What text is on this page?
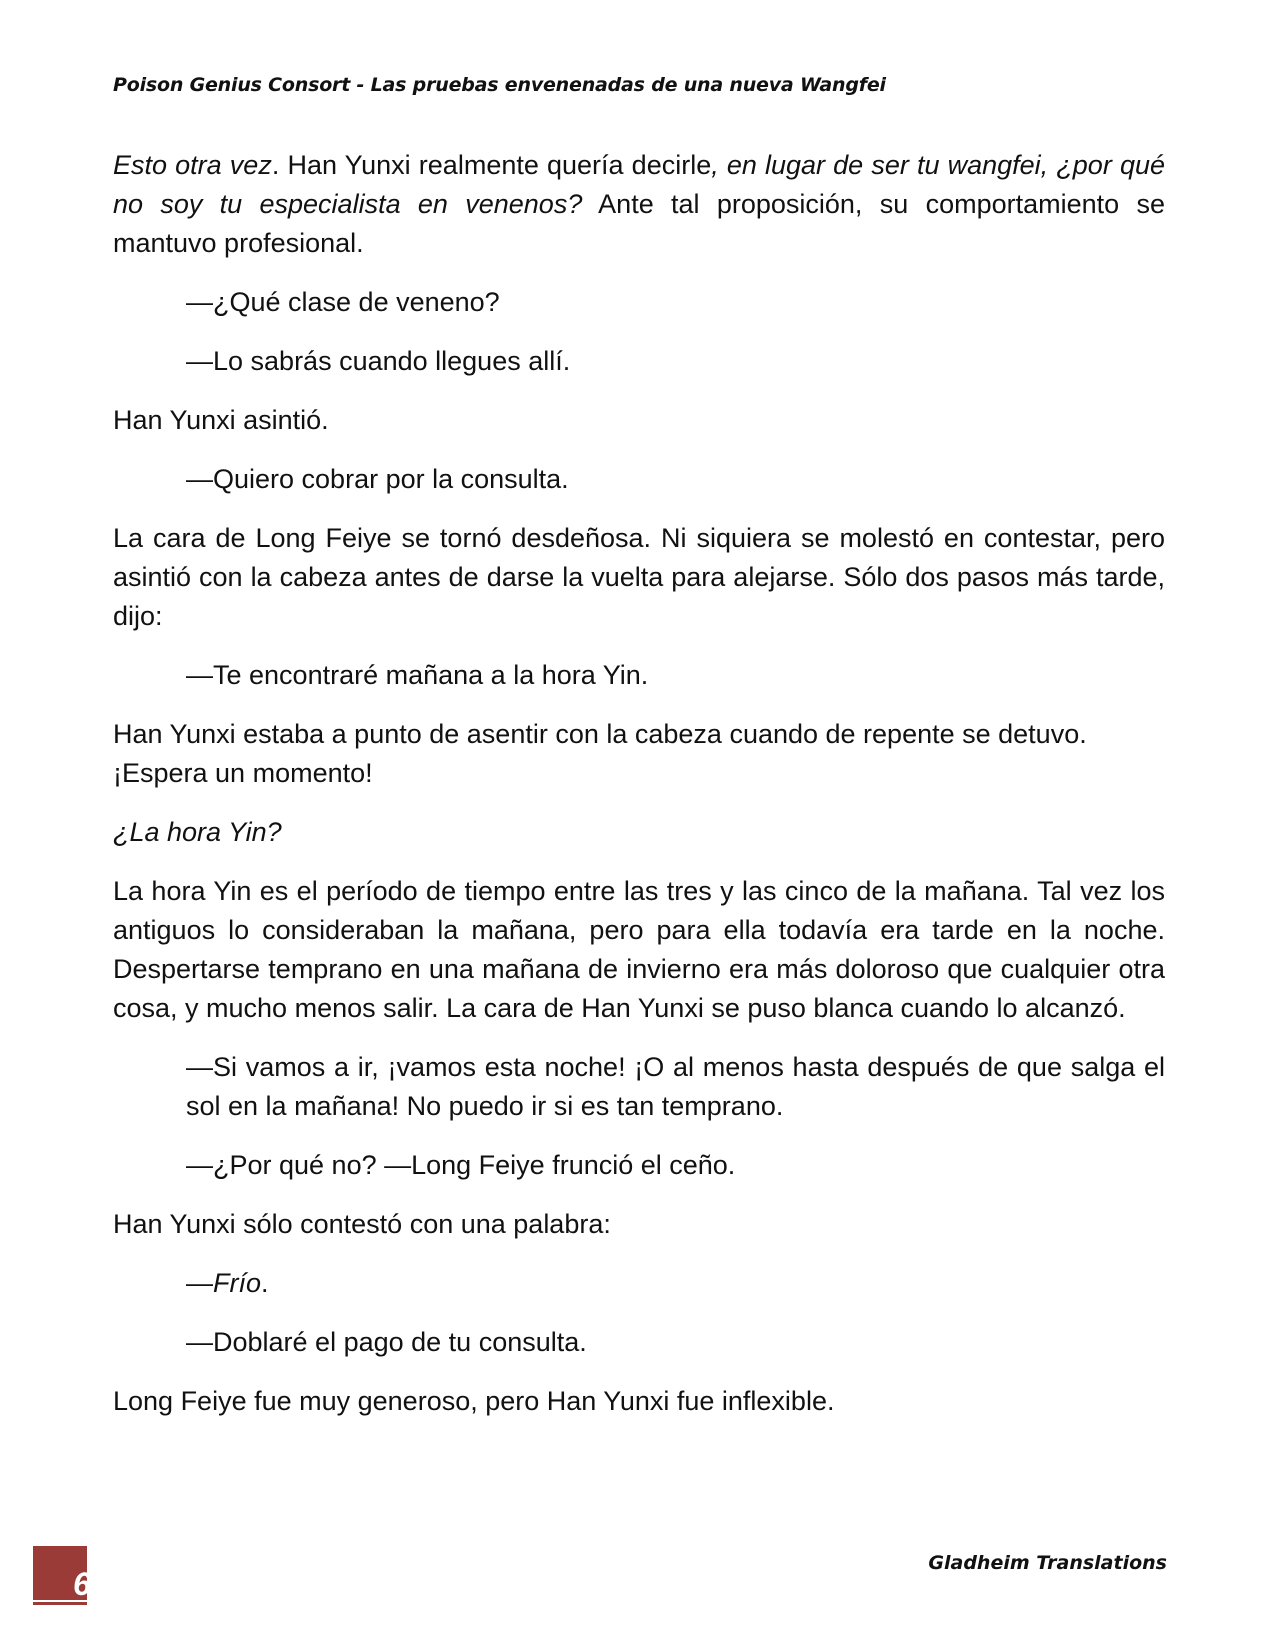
Poison Genius Consort - Las pruebas envenenadas de una nueva Wangfei

Esto otra vez. Han Yunxi realmente quería decirle, en lugar de ser tu wangfei, ¿por qué no soy tu especialista en venenos? Ante tal proposición, su comportamiento se mantuvo profesional.

—¿Qué clase de veneno?

—Lo sabrás cuando llegues allí.

Han Yunxi asintió.

—Quiero cobrar por la consulta.

La cara de Long Feiye se tornó desdeñosa. Ni siquiera se molestó en contestar, pero asintió con la cabeza antes de darse la vuelta para alejarse. Sólo dos pasos más tarde, dijo:

—Te encontraré mañana a la hora Yin.

Han Yunxi estaba a punto de asentir con la cabeza cuando de repente se detuvo. ¡Espera un momento!

¿La hora Yin?

La hora Yin es el período de tiempo entre las tres y las cinco de la mañana. Tal vez los antiguos lo consideraban la mañana, pero para ella todavía era tarde en la noche. Despertarse temprano en una mañana de invierno era más doloroso que cualquier otra cosa, y mucho menos salir. La cara de Han Yunxi se puso blanca cuando lo alcanzó.

—Si vamos a ir, ¡vamos esta noche! ¡O al menos hasta después de que salga el sol en la mañana! No puedo ir si es tan temprano.

—¿Por qué no? —Long Feiye frunció el ceño.

Han Yunxi sólo contestó con una palabra:

—Frío.

—Doblaré el pago de tu consulta.

Long Feiye fue muy generoso, pero Han Yunxi fue inflexible.

Gladheim Translations
6
